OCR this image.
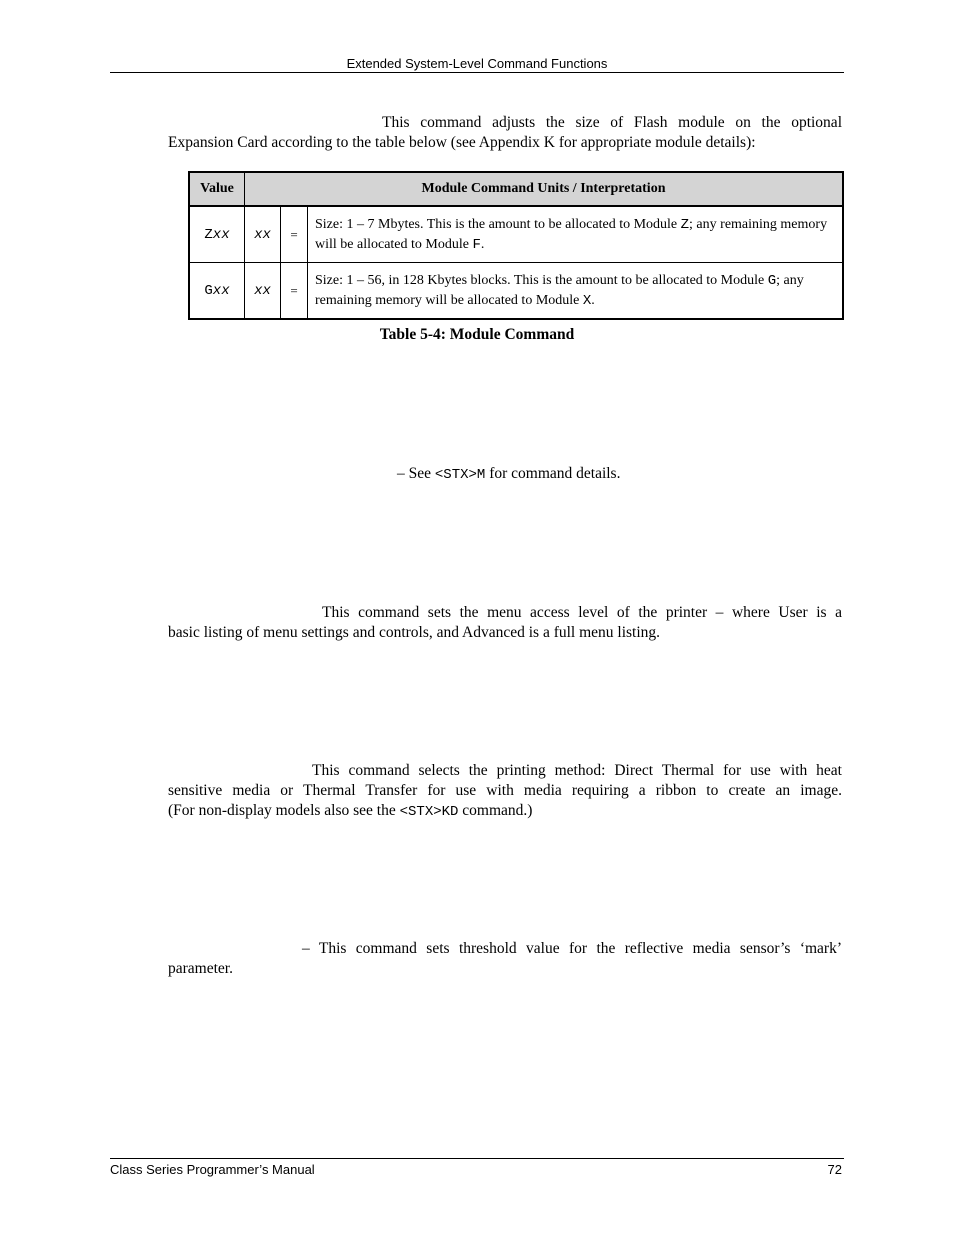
Extended System-Level Command Functions
This command adjusts the size of Flash module on the optional
Expansion Card according to the table below (see Appendix K for appropriate module details):
Value	Module Command Units / Interpretation		
Zxx	xx	=	Size: 1 – 7 Mbytes. This is the amount to be allocated to Module Z; any remaining memory will be allocated to Module F.
Gxx	xx	=	Size: 1 – 56, in 128 Kbytes blocks. This is the amount to be allocated to Module G; any remaining memory will be allocated to Module X.
Table 5-4: Module Command
– See <STX>M for command details.
This command sets the menu access level of the printer – where User is a
basic listing of menu settings and controls, and Advanced is a full menu listing.
This command selects the printing method: Direct Thermal for use with heat
sensitive media or Thermal Transfer for use with media requiring a ribbon to create an image.
(For non-display models also see the <STX>KD command.)
– This command sets threshold value for the reflective media sensor’s ‘mark’
parameter.
Class Series Programmer’s Manual	72
